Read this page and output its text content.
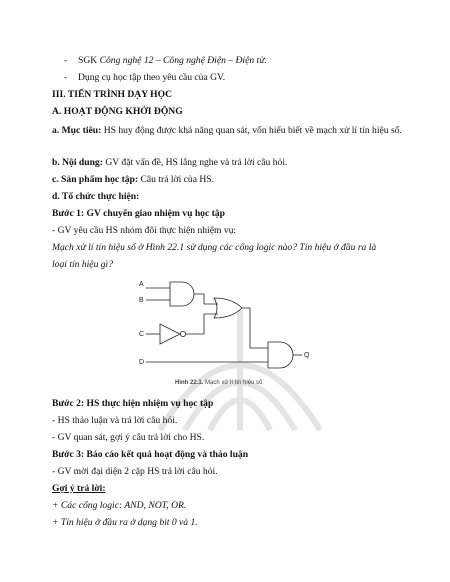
- SGK Công nghệ 12 – Công nghệ Điện – Điện tử.
- Dụng cụ học tập theo yêu cầu của GV.
III. TIẾN TRÌNH DẠY HỌC
A. HOẠT ĐỘNG KHỞI ĐỘNG
a. Mục tiêu: HS huy động được khả năng quan sát, vốn hiểu biết về mạch xử lí tín hiệu số.
b. Nội dung: GV đặt vấn đề, HS lắng nghe và trả lời câu hỏi.
c. Sản phẩm học tập: Câu trả lời của HS.
d. Tổ chức thực hiện:
Bước 1: GV chuyển giao nhiệm vụ học tập
- GV yêu cầu HS nhóm đôi thực hiện nhiệm vụ:
Mạch xử lí tín hiệu số ở Hình 22.1 sử dụng các cổng logic nào? Tín hiệu ở đầu ra là
loại tín hiệu gì?
A
B
C
D
Q
Hình 22.1. Mạch xử lí tín hiệu số
Bước 2: HS thực hiện nhiệm vụ học tập
- HS thảo luận và trả lời câu hỏi.
- GV quan sát, gợi ý câu trả lời cho HS.
Bước 3: Báo cáo kết quả hoạt động và thảo luận
- GV mời đại diện 2 cặp HS trả lời câu hỏi.
Gợi ý trả lời:
+ Các cổng logic: AND, NOT, OR.
+ Tín hiệu ở đầu ra ở dạng bit 0 và 1.
